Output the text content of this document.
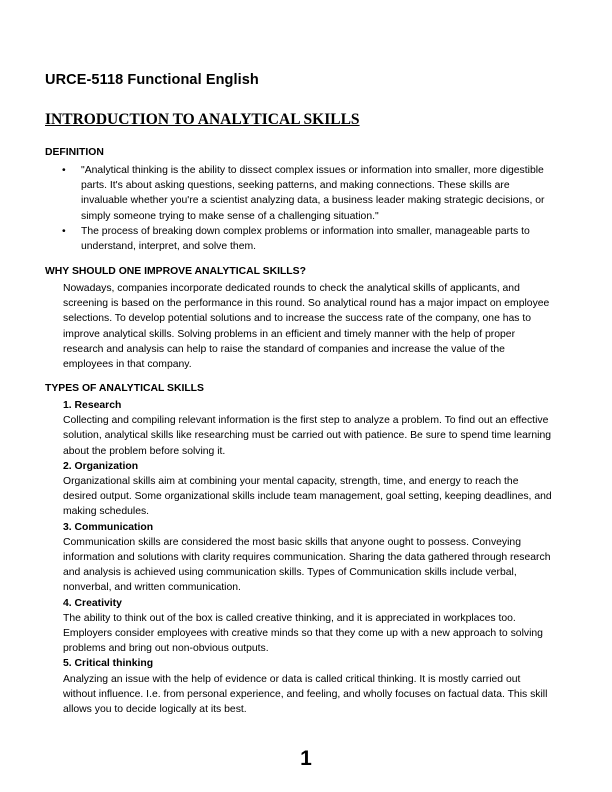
URCE-5118 Functional English
INTRODUCTION TO ANALYTICAL SKILLS
DEFINITION
• "Analytical thinking is the ability to dissect complex issues or information into smaller, more digestible parts. It's about asking questions, seeking patterns, and making connections. These skills are invaluable whether you're a scientist analyzing data, a business leader making strategic decisions, or simply someone trying to make sense of a challenging situation."
• The process of breaking down complex problems or information into smaller, manageable parts to understand, interpret, and solve them.
WHY SHOULD ONE IMPROVE ANALYTICAL SKILLS?
Nowadays, companies incorporate dedicated rounds to check the analytical skills of applicants, and screening is based on the performance in this round. So analytical round has a major impact on employee selections. To develop potential solutions and to increase the success rate of the company, one has to improve analytical skills. Solving problems in an efficient and timely manner with the help of proper research and analysis can help to raise the standard of companies and increase the value of the employees in that company.
TYPES OF ANALYTICAL SKILLS
1. Research
Collecting and compiling relevant information is the first step to analyze a problem. To find out an effective solution, analytical skills like researching must be carried out with patience. Be sure to spend time learning about the problem before solving it.
2. Organization
Organizational skills aim at combining your mental capacity, strength, time, and energy to reach the desired output. Some organizational skills include team management, goal setting, keeping deadlines, and making schedules.
3. Communication
Communication skills are considered the most basic skills that anyone ought to possess. Conveying information and solutions with clarity requires communication. Sharing the data gathered through research and analysis is achieved using communication skills. Types of Communication skills include verbal, nonverbal, and written communication.
4. Creativity
The ability to think out of the box is called creative thinking, and it is appreciated in workplaces too. Employers consider employees with creative minds so that they come up with a new approach to solving problems and bring out non-obvious outputs.
5. Critical thinking
Analyzing an issue with the help of evidence or data is called critical thinking. It is mostly carried out without influence. I.e. from personal experience, and feeling, and wholly focuses on factual data. This skill allows you to decide logically at its best.
1
